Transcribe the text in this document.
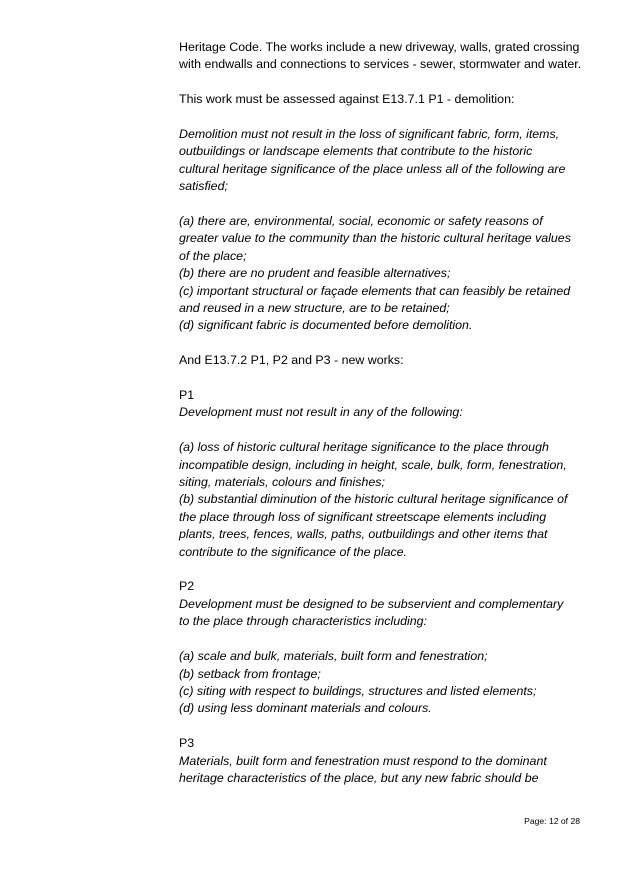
Heritage Code. The works include a new driveway, walls, grated crossing

with endwalls and connections to services - sewer, stormwater and water.

This work must be assessed against E13.7.1 P1 - demolition:

Demolition must not result in the loss of significant fabric, form, items,

outbuildings or landscape elements that contribute to the historic

cultural heritage significance of the place unless all of the following are

satisfied;

(a) there are, environmental, social, economic or safety reasons of

greater value to the community than the historic cultural heritage values

of the place;

(b) there are no prudent and feasible alternatives;

(c) important structural or façade elements that can feasibly be retained

and reused in a new structure, are to be retained;

(d) significant fabric is documented before demolition.

And E13.7.2 P1, P2 and P3 - new works:

P1

Development must not result in any of the following:

(a) loss of historic cultural heritage significance to the place through

incompatible design, including in height, scale, bulk, form, fenestration,

siting, materials, colours and finishes;

(b) substantial diminution of the historic cultural heritage significance of

the place through loss of significant streetscape elements including

plants, trees, fences, walls, paths, outbuildings and other items that

contribute to the significance of the place.

P2

Development must be designed to be subservient and complementary

to the place through characteristics including:

(a) scale and bulk, materials, built form and fenestration;

(b) setback from frontage;

(c) siting with respect to buildings, structures and listed elements;

(d) using less dominant materials and colours.

P3

Materials, built form and fenestration must respond to the dominant

heritage characteristics of the place, but any new fabric should be

Page: 12 of 28
